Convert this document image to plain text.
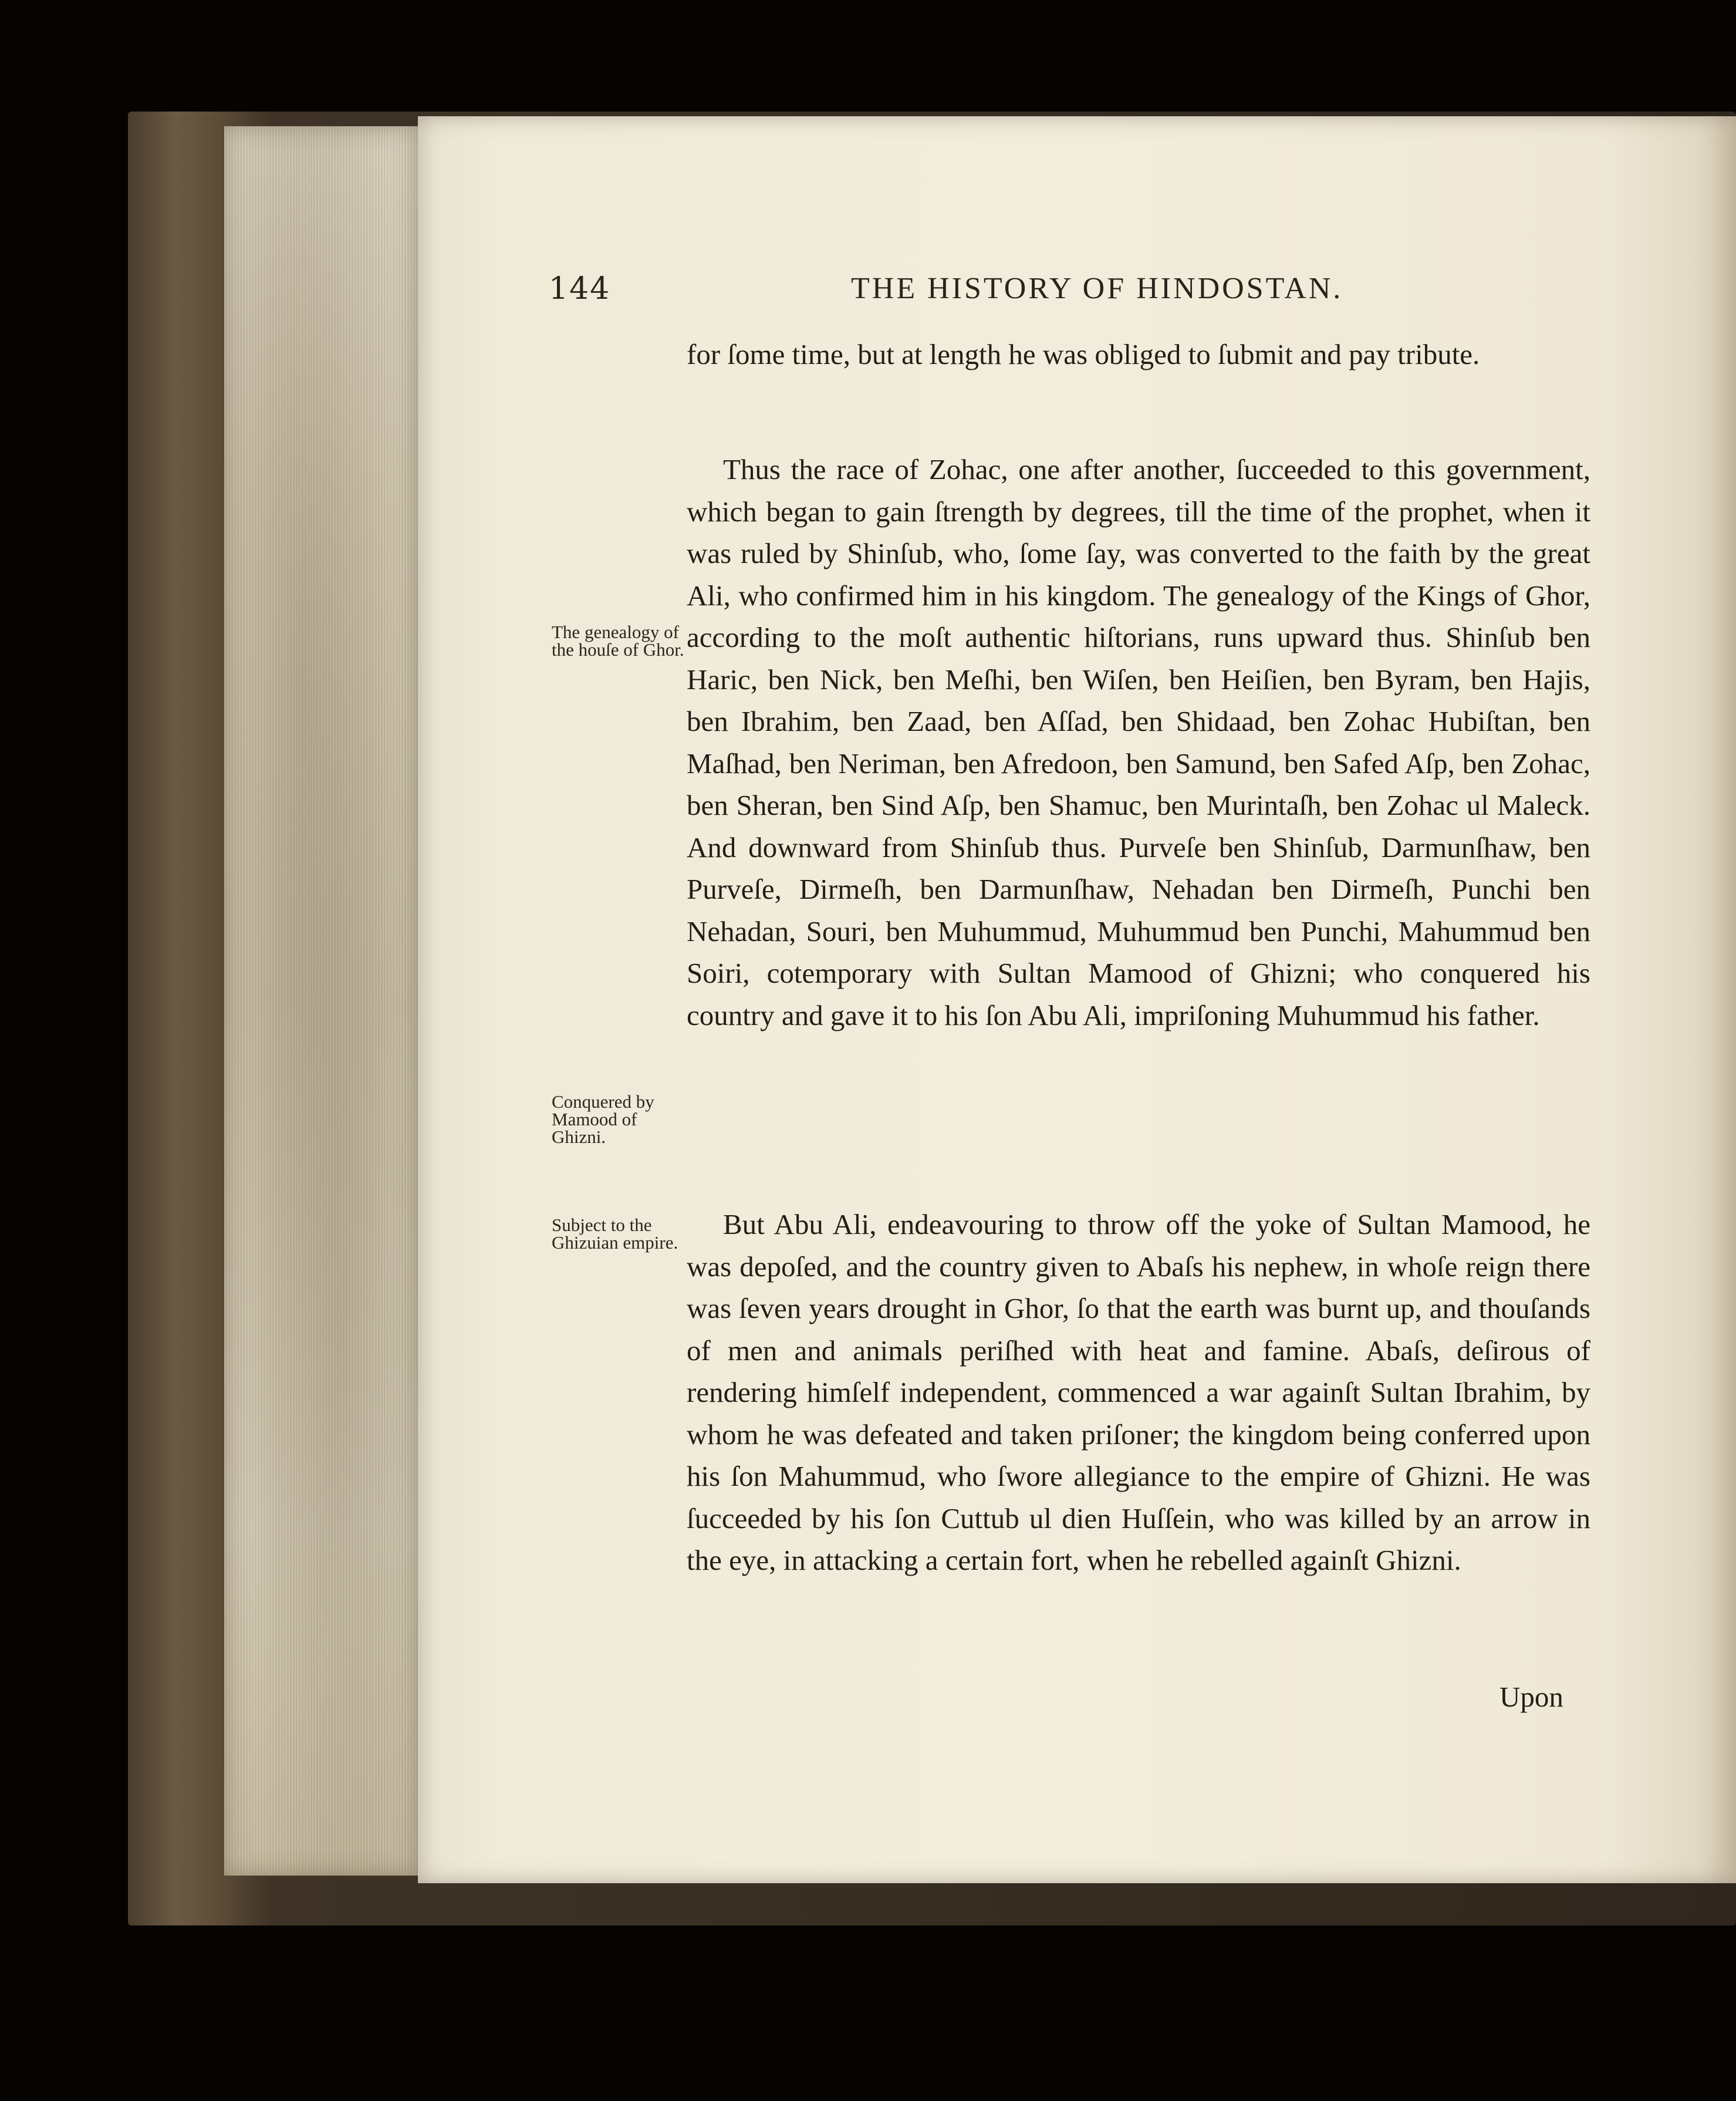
144	THE HISTORY OF HINDOSTAN.

for ſome time, but at length he was obliged to ſubmit and pay tribute.

Thus the race of Zohac, one after another, ſucceeded to this government, which began to gain ſtrength by degrees, till the time of the prophet, when it was ruled by Shinſub, who, ſome ſay, was converted to the faith by the great Ali, who confirmed him in his kingdom. The genealogy of the Kings of Ghor, according to the moſt authentic hiſtorians, runs upward thus. Shinſub ben Haric, ben Nick, ben Meſhi, ben Wiſen, ben Heiſien, ben Byram, ben Hajis, ben Ibrahim, ben Zaad, ben Aſſad, ben Shidaad, ben Zohac Hubiſtan, ben Maſhad, ben Neriman, ben Afredoon, ben Samund, ben Safed Aſp, ben Zohac, ben Sheran, ben Sind Aſp, ben Shamuc, ben Murintaſh, ben Zohac ul Maleck. And downward from Shinſub thus. Purveſe ben Shinſub, Darmunſhaw, ben Purveſe, Dirmeſh, ben Darmunſhaw, Nehadan ben Dirmeſh, Punchi ben Nehadan, Souri, ben Muhummud, Muhummud ben Punchi, Mahummud ben Soiri, cotemporary with Sultan Mamood of Ghizni; who conquered his country and gave it to his ſon Abu Ali, impriſoning Muhummud his father.

But Abu Ali, endeavouring to throw off the yoke of Sultan Mamood, he was depoſed, and the country given to Abaſs his nephew, in whoſe reign there was ſeven years drought in Ghor, ſo that the earth was burnt up, and thouſands of men and animals periſhed with heat and famine. Abaſs, deſirous of rendering himſelf independent, commenced a war againſt Sultan Ibrahim, by whom he was defeated and taken priſoner; the kingdom being conferred upon his ſon Mahummud, who ſwore allegiance to the empire of Ghizni. He was ſucceeded by his ſon Cuttub ul dien Huſſein, who was killed by an arrow in the eye, in attacking a certain fort, when he rebelled againſt Ghizni.

The genealogy of the houſe of Ghor.
Conquered by Mamood of Ghizni.
Subject to the Ghizuian empire.
Upon
